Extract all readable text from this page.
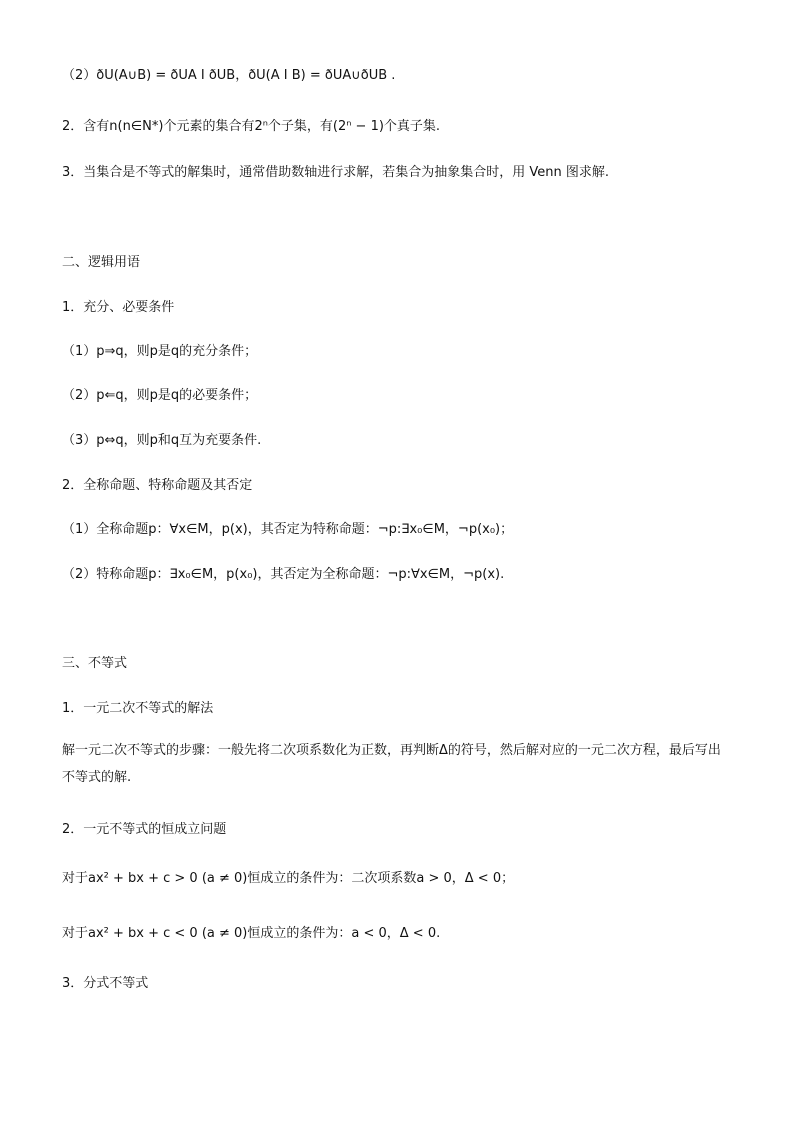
（2）ðU(A∪B) = ðUA I ðUB，ðU(A I B) = ðUA∪ðUB .
2．含有n(n∈N*)个元素的集合有2ⁿ个子集，有(2ⁿ − 1)个真子集.
3．当集合是不等式的解集时，通常借助数轴进行求解，若集合为抽象集合时，用 Venn 图求解.
二、逻辑用语
1．充分、必要条件
（1）p⇒q，则p是q的充分条件；
（2）p⇐q，则p是q的必要条件；
（3）p⇔q，则p和q互为充要条件.
2．全称命题、特称命题及其否定
（1）全称命题p：∀x∈M，p(x)，其否定为特称命题：¬p:∃x₀∈M，¬p(x₀)；
（2）特称命题p：∃x₀∈M，p(x₀)，其否定为全称命题：¬p:∀x∈M，¬p(x).
三、不等式
1．一元二次不等式的解法
解一元二次不等式的步骤：一般先将二次项系数化为正数，再判断Δ的符号，然后解对应的一元二次方程，最后写出不等式的解.
2．一元不等式的恒成立问题
对于ax² + bx + c > 0 (a ≠ 0)恒成立的条件为：二次项系数a > 0，Δ < 0；
对于ax² + bx + c < 0 (a ≠ 0)恒成立的条件为：a < 0，Δ < 0.
3．分式不等式
